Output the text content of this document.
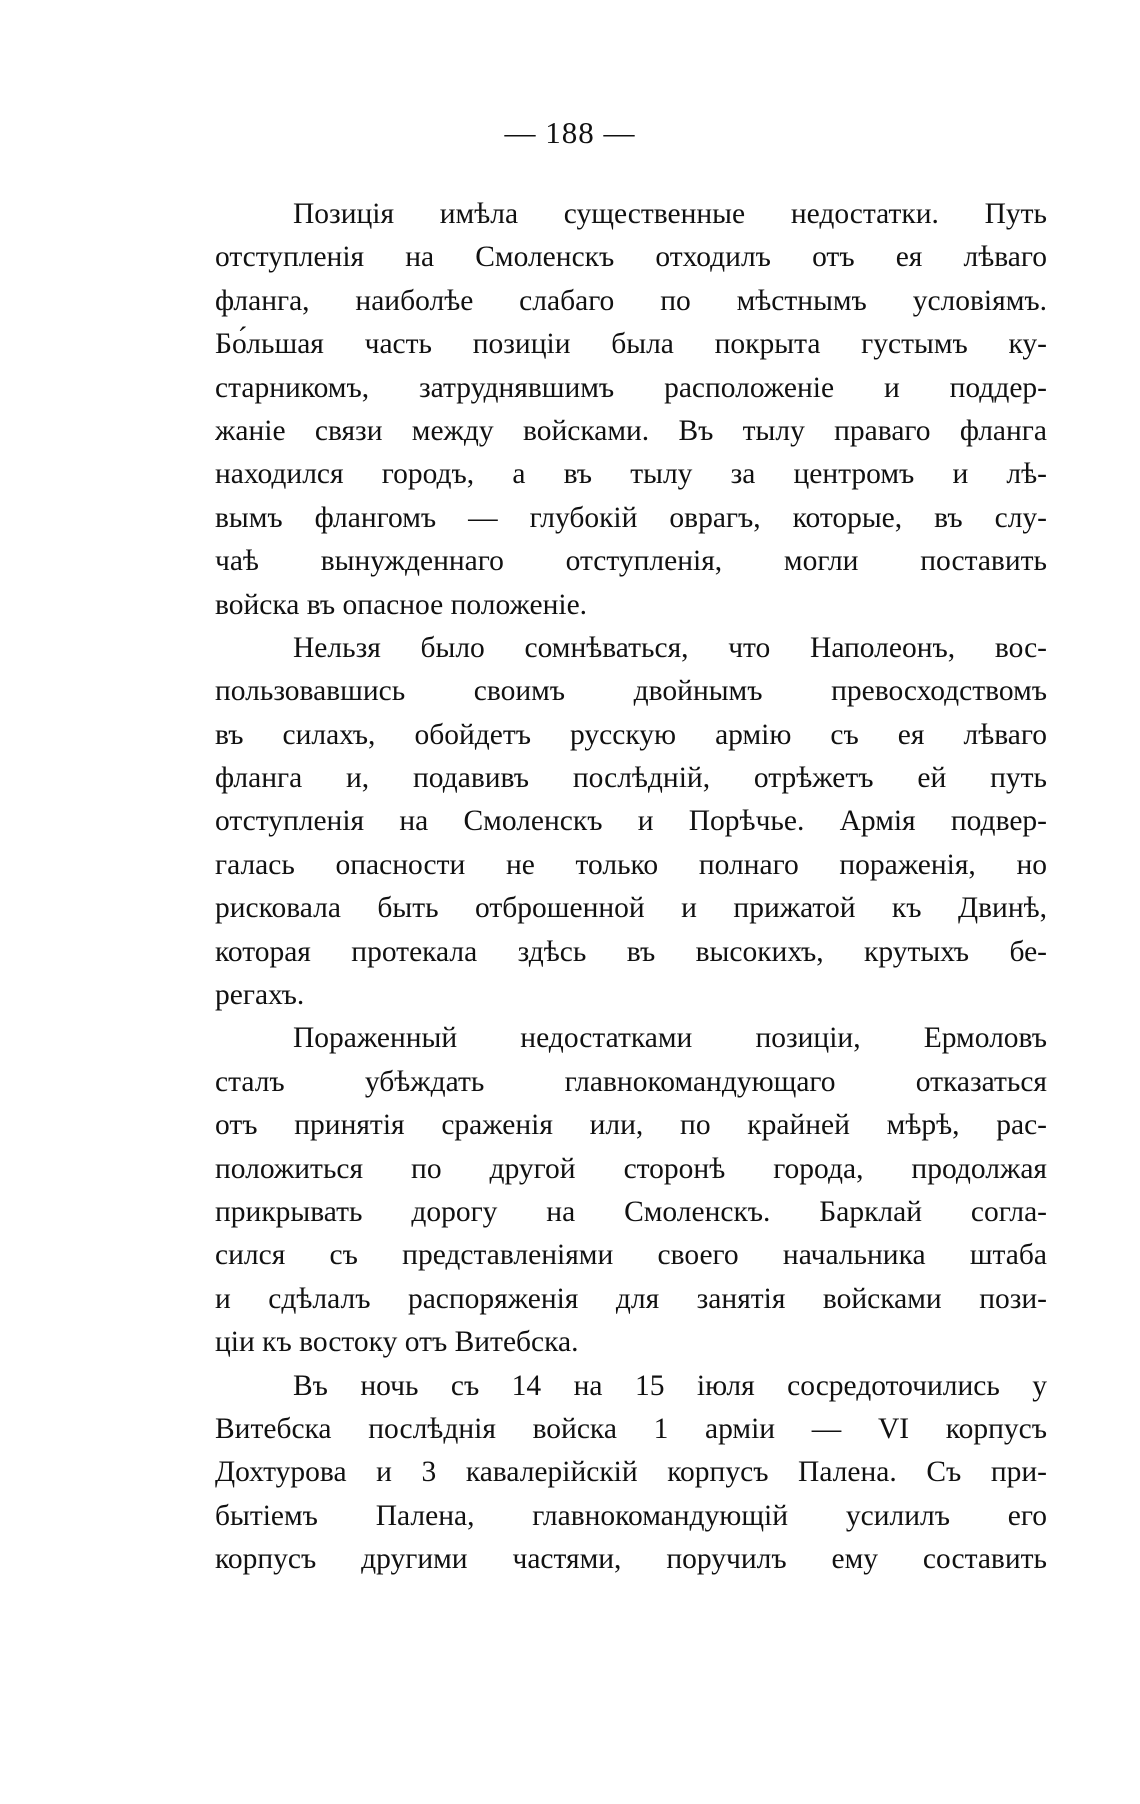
— 188 —
Позиція имѣла существенные недостатки. Путь
отступленія на Смоленскъ отходилъ отъ ея лѣваго
фланга, наиболѣе слабаго по мѣстнымъ условіямъ.
Бо́льшая часть позиціи была покрыта густымъ ку-
старникомъ, затруднявшимъ расположеніе и поддер-
жаніе связи между войсками. Въ тылу праваго фланга
находился городъ, а въ тылу за центромъ и лѣ-
вымъ флангомъ — глубокій оврагъ, которые, въ слу-
чаѣ вынужденнаго отступленія, могли поставить
войска въ опасное положеніе.
Нельзя было сомнѣваться, что Наполеонъ, вос-
пользовавшись своимъ двойнымъ превосходствомъ
въ силахъ, обойдетъ русскую армію съ ея лѣваго
фланга и, подавивъ послѣдній, отрѣжетъ ей путь
отступленія на Смоленскъ и Порѣчье. Армія подвер-
галась опасности не только полнаго пораженія, но
рисковала быть отброшенной и прижатой къ Двинѣ,
которая протекала здѣсь въ высокихъ, крутыхъ бе-
регахъ.
Пораженный недостатками позиціи, Ермоловъ
сталъ убѣждать главнокомандующаго отказаться
отъ принятія сраженія или, по крайней мѣрѣ, рас-
положиться по другой сторонѣ города, продолжая
прикрывать дорогу на Смоленскъ. Барклай согла-
сился съ представленіями своего начальника штаба
и сдѣлалъ распоряженія для занятія войсками пози-
ціи къ востоку отъ Витебска.
Въ ночь съ 14 на 15 іюля сосредоточились у
Витебска послѣднія войска 1 арміи — VI корпусъ
Дохтурова и 3 кавалерійскій корпусъ Палена. Съ при-
бытіемъ Палена, главнокомандующій усилилъ его
корпусъ другими частями, поручилъ ему составить
